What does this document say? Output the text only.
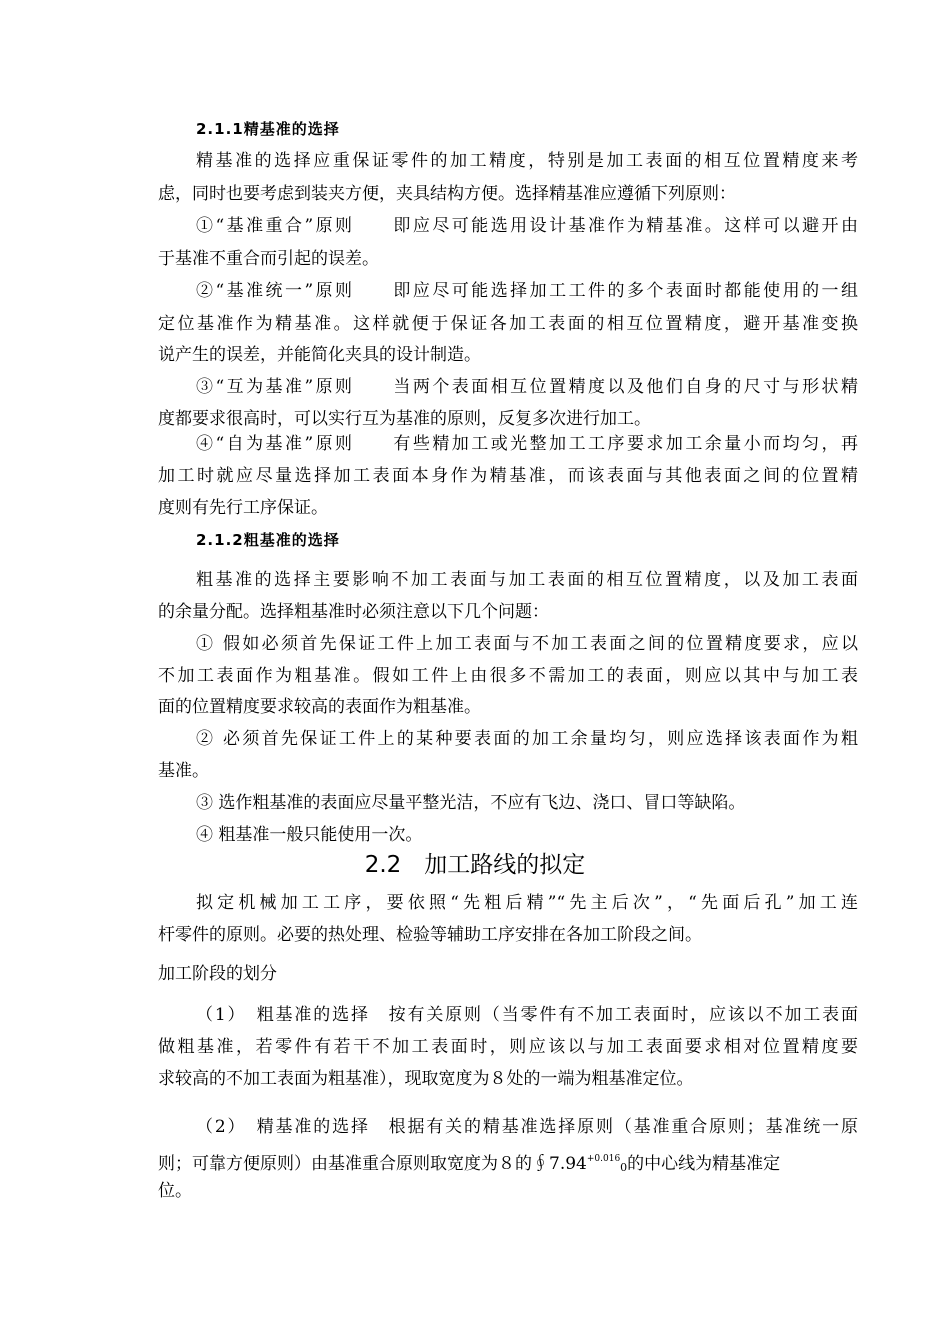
2.1.1精基准的选择
精基准的选择应重保证零件的加工精度，特别是加工表面的相互位置精度来考
虑，同时也要考虑到装夹方便，夹具结构方便。选择精基准应遵循下列原则：
①“基准重合”原则　　即应尽可能选用设计基准作为精基准。这样可以避开由
于基准不重合而引起的误差。
②“基准统一”原则　　即应尽可能选择加工工件的多个表面时都能使用的一组
定位基准作为精基准。这样就便于保证各加工表面的相互位置精度，避开基准变换
说产生的误差，并能简化夹具的设计制造。
③“互为基准”原则　　当两个表面相互位置精度以及他们自身的尺寸与形状精
度都要求很高时，可以实行互为基准的原则，反复多次进行加工。
④“自为基准”原则　　有些精加工或光整加工工序要求加工余量小而均匀，再
加工时就应尽量选择加工表面本身作为精基准，而该表面与其他表面之间的位置精
度则有先行工序保证。
2.1.2粗基准的选择
粗基准的选择主要影响不加工表面与加工表面的相互位置精度，以及加工表面
的余量分配。选择粗基准时必须注意以下几个问题：
① 假如必须首先保证工件上加工表面与不加工表面之间的位置精度要求，应以
不加工表面作为粗基准。假如工件上由很多不需加工的表面，则应以其中与加工表
面的位置精度要求较高的表面作为粗基准。
② 必须首先保证工件上的某种要表面的加工余量均匀，则应选择该表面作为粗
基准。
③ 选作粗基准的表面应尽量平整光洁，不应有飞边、浇口、冒口等缺陷。
④ 粗基准一般只能使用一次。
2.2　加工路线的拟定
拟定机械加工工序，要依照“先粗后精”“先主后次”，“先面后孔”加工连
杆零件的原则。必要的热处理、检验等辅助工序安排在各加工阶段之间。
加工阶段的划分
（1）　粗基准的选择　按有关原则（当零件有不加工表面时，应该以不加工表面
做粗基准，若零件有若干不加工表面时，则应该以与加工表面要求相对位置精度要
求较高的不加工表面为粗基准），现取宽度为８处的一端为粗基准定位。
（2）　精基准的选择　根据有关的精基准选择原则（基准重合原则；基准统一原
则；可靠方便原则）由基准重合原则取宽度为８的$∮7.94^{+0.016}0$的中心线为精基准定
位。
